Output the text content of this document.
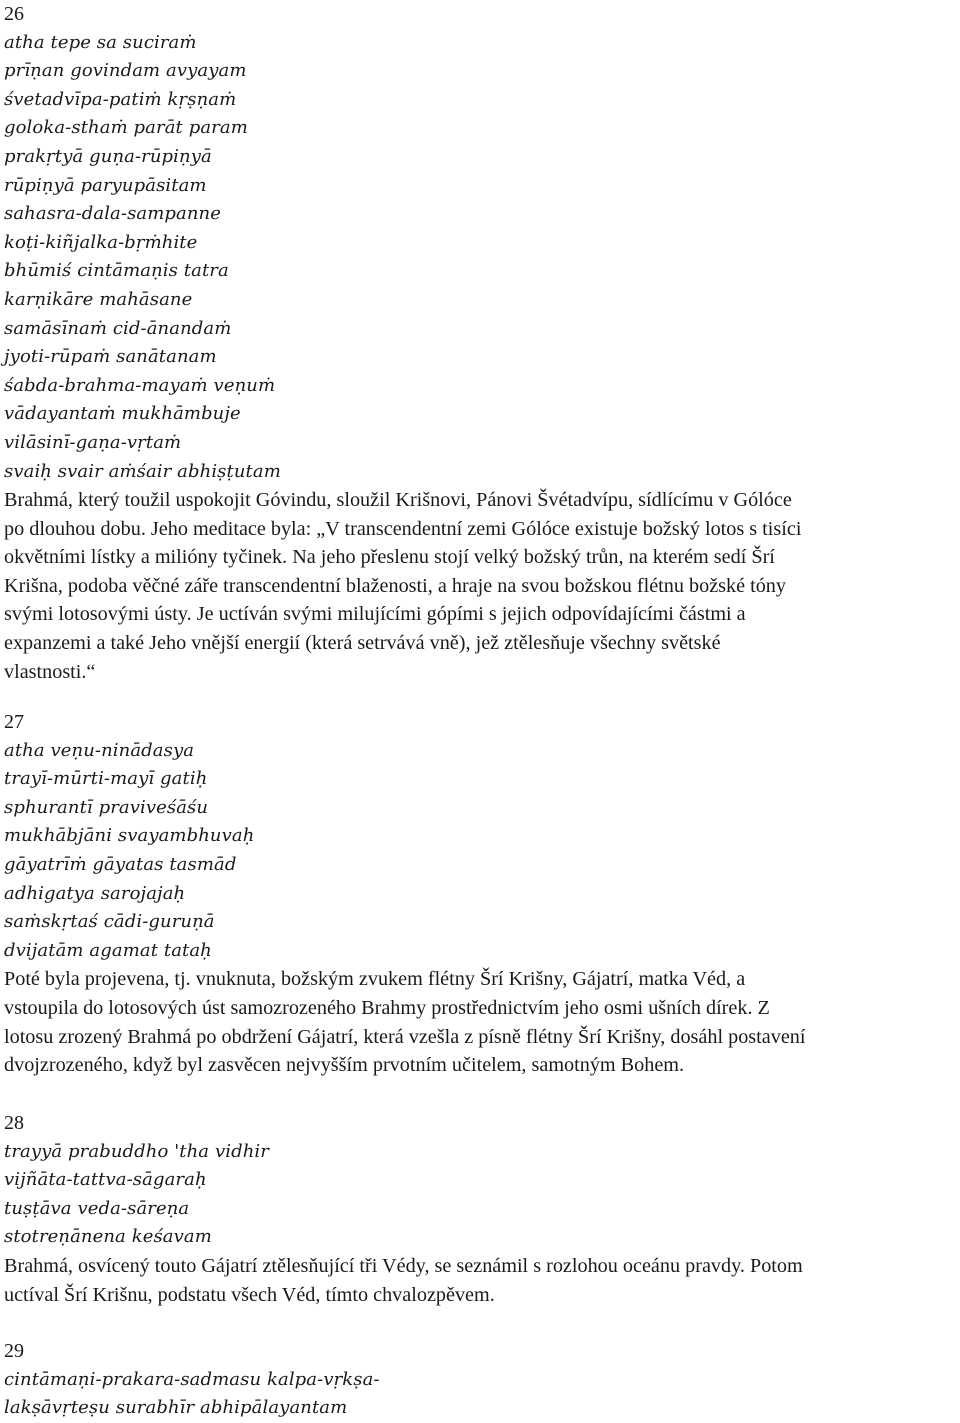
26

atha tepe sa suciraṁ

prīṇan govindam avyayam

śvetadvīpa-patiṁ kṛṣṇaṁ

goloka-sthaṁ parāt param

prakṛtyā guṇa-rūpiṇyā

rūpiṇyā paryupāsitam

sahasra-dala-sampanne

koṭi-kiñjalka-bṛṁhite

bhūmiś cintāmaṇis tatra

karṇikāre mahāsane

samāsīnaṁ cid-ānandaṁ

jyoti-rūpaṁ sanātanam

śabda-brahma-mayaṁ veṇuṁ

vādayantaṁ mukhāmbuje

vilāsinī-gaṇa-vṛtaṁ

svaiḥ svair aṁśair abhiṣṭutam

Brahmá, který toužil uspokojit Góvindu, sloužil Krišnovi, Pánovi Švétadvípu, sídlícímu v Gólóce
po dlouhou dobu. Jeho meditace byla: „V transcendentní zemi Gólóce existuje božský lotos s tisíci
okvětními lístky a milióny tyčinek. Na jeho přeslenu stojí velký božský trůn, na kterém sedí Šrí
Krišna, podoba věčné záře transcendentní blaženosti, a hraje na svou božskou flétnu božské tóny
svými lotosovými ústy. Je uctíván svými milujícími gópími s jejich odpovídajícími částmi a
expanzemi a také Jeho vnější energií (která setrvává vně), jež ztělesňuje všechny světské
vlastnosti.“

27

atha veṇu-ninādasya

trayī-mūrti-mayī gatiḥ

sphurantī praviveśāśu

mukhābjāni svayambhuvaḥ

gāyatrīṁ gāyatas tasmād

adhigatya sarojajaḥ

saṁskṛtaś cādi-guruṇā

dvijatām agamat tataḥ

Poté byla projevena, tj. vnuknuta, božským zvukem flétny Šrí Krišny, Gájatrí, matka Véd, a
vstoupila do lotosových úst samozrozeného Brahmy prostřednictvím jeho osmi ušních dírek. Z
lotosu zrozený Brahmá po obdržení Gájatrí, která vzešla z písně flétny Šrí Krišny, dosáhl postavení
dvojzrozeného, když byl zasvěcen nejvyšším prvotním učitelem, samotným Bohem.

28

trayyā prabuddho 'tha vidhir

vijñāta-tattva-sāgaraḥ

tuṣṭāva veda-sāreṇa

stotreṇānena keśavam

Brahmá, osvícený touto Gájatrí ztělesňující tři Védy, se seznámil s rozlohou oceánu pravdy. Potom
uctíval Šrí Krišnu, podstatu všech Véd, tímto chvalozpěvem.

29

cintāmaṇi-prakara-sadmasu kalpa-vṛkṣa-

lakṣāvṛteṣu surabhīr abhipālayantam
